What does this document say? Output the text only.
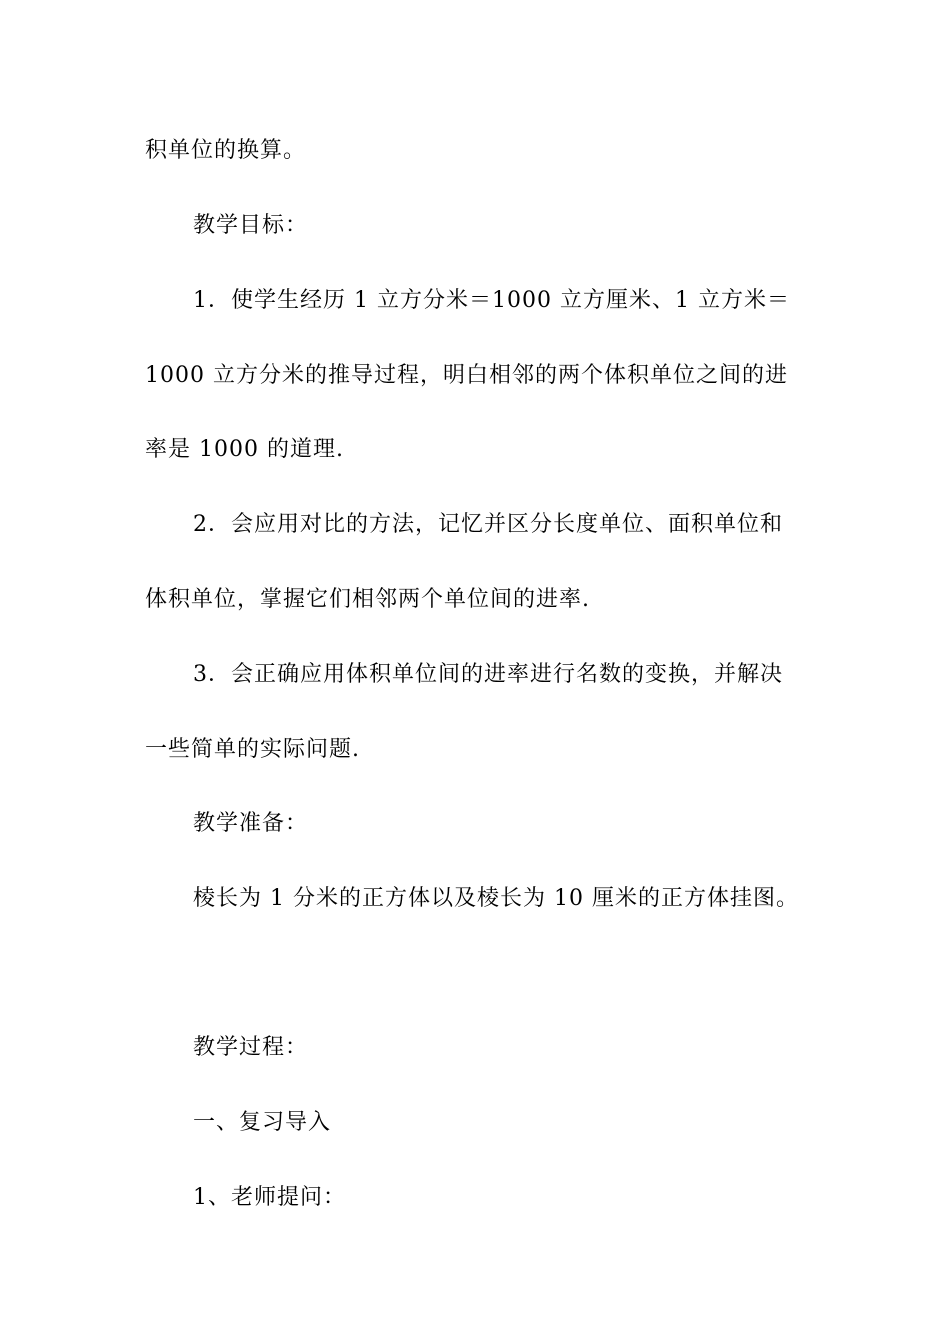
积单位的换算。
教学目标：
1．使学生经历 1 立方分米＝1000 立方厘米、1 立方米＝
1000 立方分米的推导过程，明白相邻的两个体积单位之间的进
率是 1000 的道理.
2．会应用对比的方法，记忆并区分长度单位、面积单位和
体积单位，掌握它们相邻两个单位间的进率.
3．会正确应用体积单位间的进率进行名数的变换，并解决
一些简单的实际问题.
教学准备：
棱长为 1 分米的正方体以及棱长为 10 厘米的正方体挂图。
教学过程：
一、复习导入
1、老师提问：
